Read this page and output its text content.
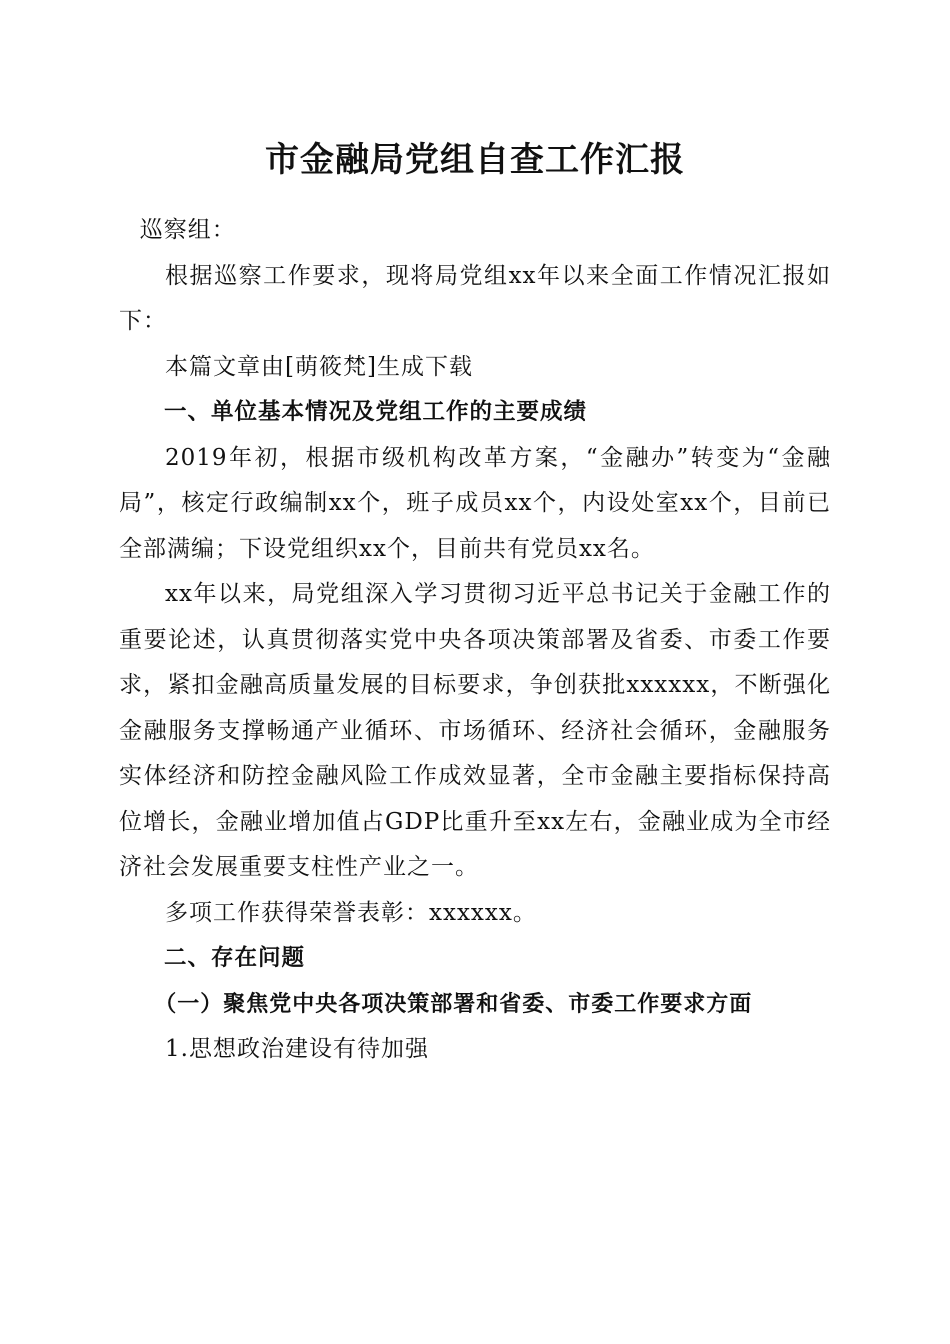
市金融局党组自查工作汇报

巡察组：

根据巡察工作要求，现将局党组xx年以来全面工作情况汇报如下：

本篇文章由[萌筱梵]生成下载

一、单位基本情况及党组工作的主要成绩

2019年初，根据市级机构改革方案，“金融办”转变为“金融局”，核定行政编制xx个，班子成员xx个，内设处室xx个，目前已全部满编；下设党组织xx个，目前共有党员xx名。

xx年以来，局党组深入学习贯彻习近平总书记关于金融工作的重要论述，认真贯彻落实党中央各项决策部署及省委、市委工作要求，紧扣金融高质量发展的目标要求，争创获批xxxxxx，不断强化金融服务支撑畅通产业循环、市场循环、经济社会循环，金融服务实体经济和防控金融风险工作成效显著，全市金融主要指标保持高位增长，金融业增加值占GDP比重升至xx左右，金融业成为全市经济社会发展重要支柱性产业之一。

多项工作获得荣誉表彰：xxxxxx。

二、存在问题

（一）聚焦党中央各项决策部署和省委、市委工作要求方面

1.思想政治建设有待加强
